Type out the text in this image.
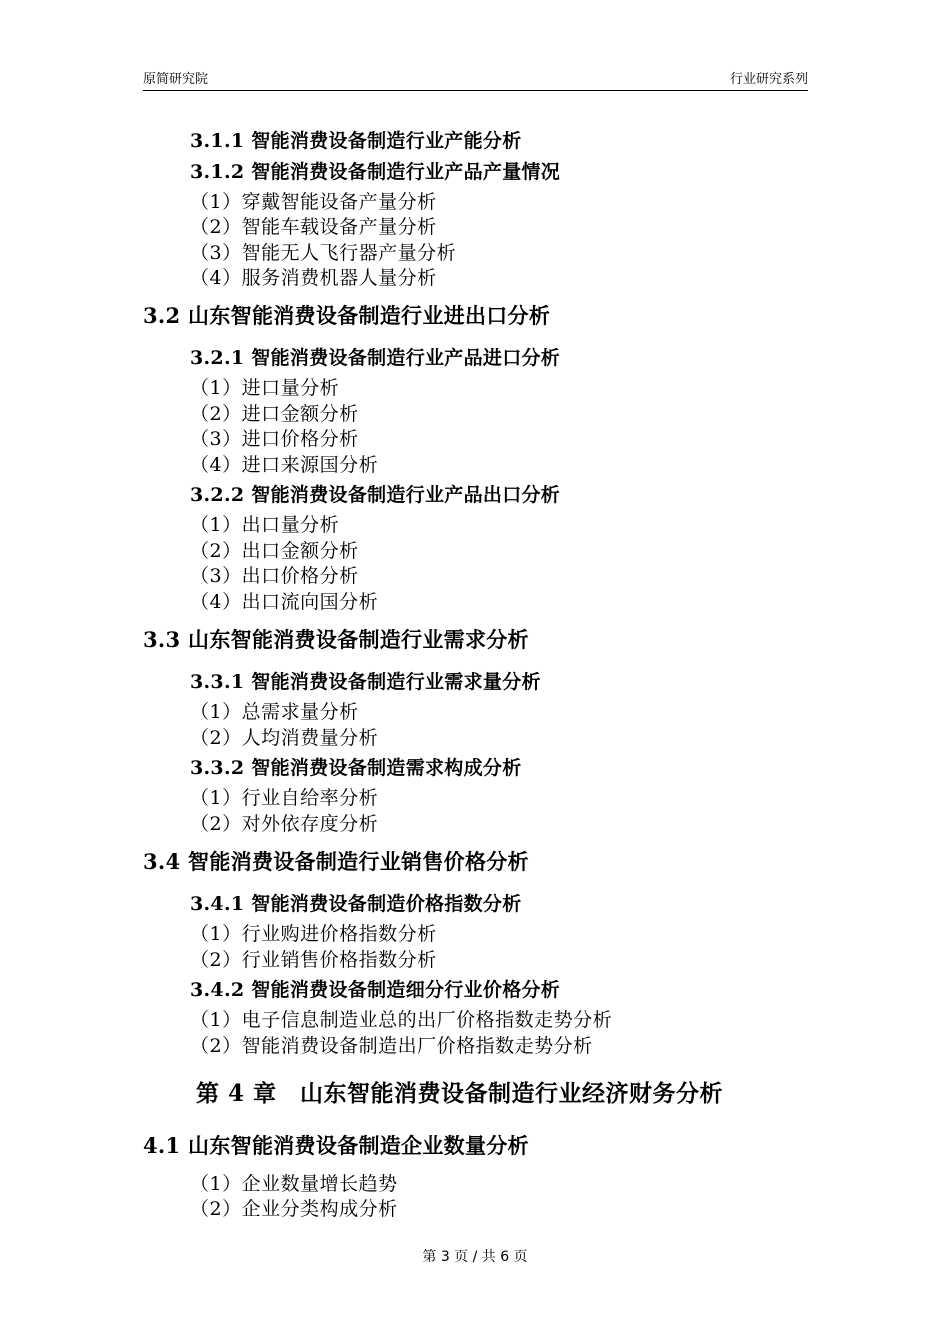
原简研究院	行业研究系列
3.1.1 智能消费设备制造行业产能分析
3.1.2 智能消费设备制造行业产品产量情况
（1）穿戴智能设备产量分析
（2）智能车载设备产量分析
（3）智能无人飞行器产量分析
（4）服务消费机器人量分析
3.2 山东智能消费设备制造行业进出口分析
3.2.1 智能消费设备制造行业产品进口分析
（1）进口量分析
（2）进口金额分析
（3）进口价格分析
（4）进口来源国分析
3.2.2 智能消费设备制造行业产品出口分析
（1）出口量分析
（2）出口金额分析
（3）出口价格分析
（4）出口流向国分析
3.3 山东智能消费设备制造行业需求分析
3.3.1 智能消费设备制造行业需求量分析
（1）总需求量分析
（2）人均消费量分析
3.3.2 智能消费设备制造需求构成分析
（1）行业自给率分析
（2）对外依存度分析
3.4 智能消费设备制造行业销售价格分析
3.4.1 智能消费设备制造价格指数分析
（1）行业购进价格指数分析
（2）行业销售价格指数分析
3.4.2 智能消费设备制造细分行业价格分析
（1）电子信息制造业总的出厂价格指数走势分析
（2）智能消费设备制造出厂价格指数走势分析
第 4 章　山东智能消费设备制造行业经济财务分析
4.1 山东智能消费设备制造企业数量分析
（1）企业数量增长趋势
（2）企业分类构成分析
第 3 页 / 共 6 页
